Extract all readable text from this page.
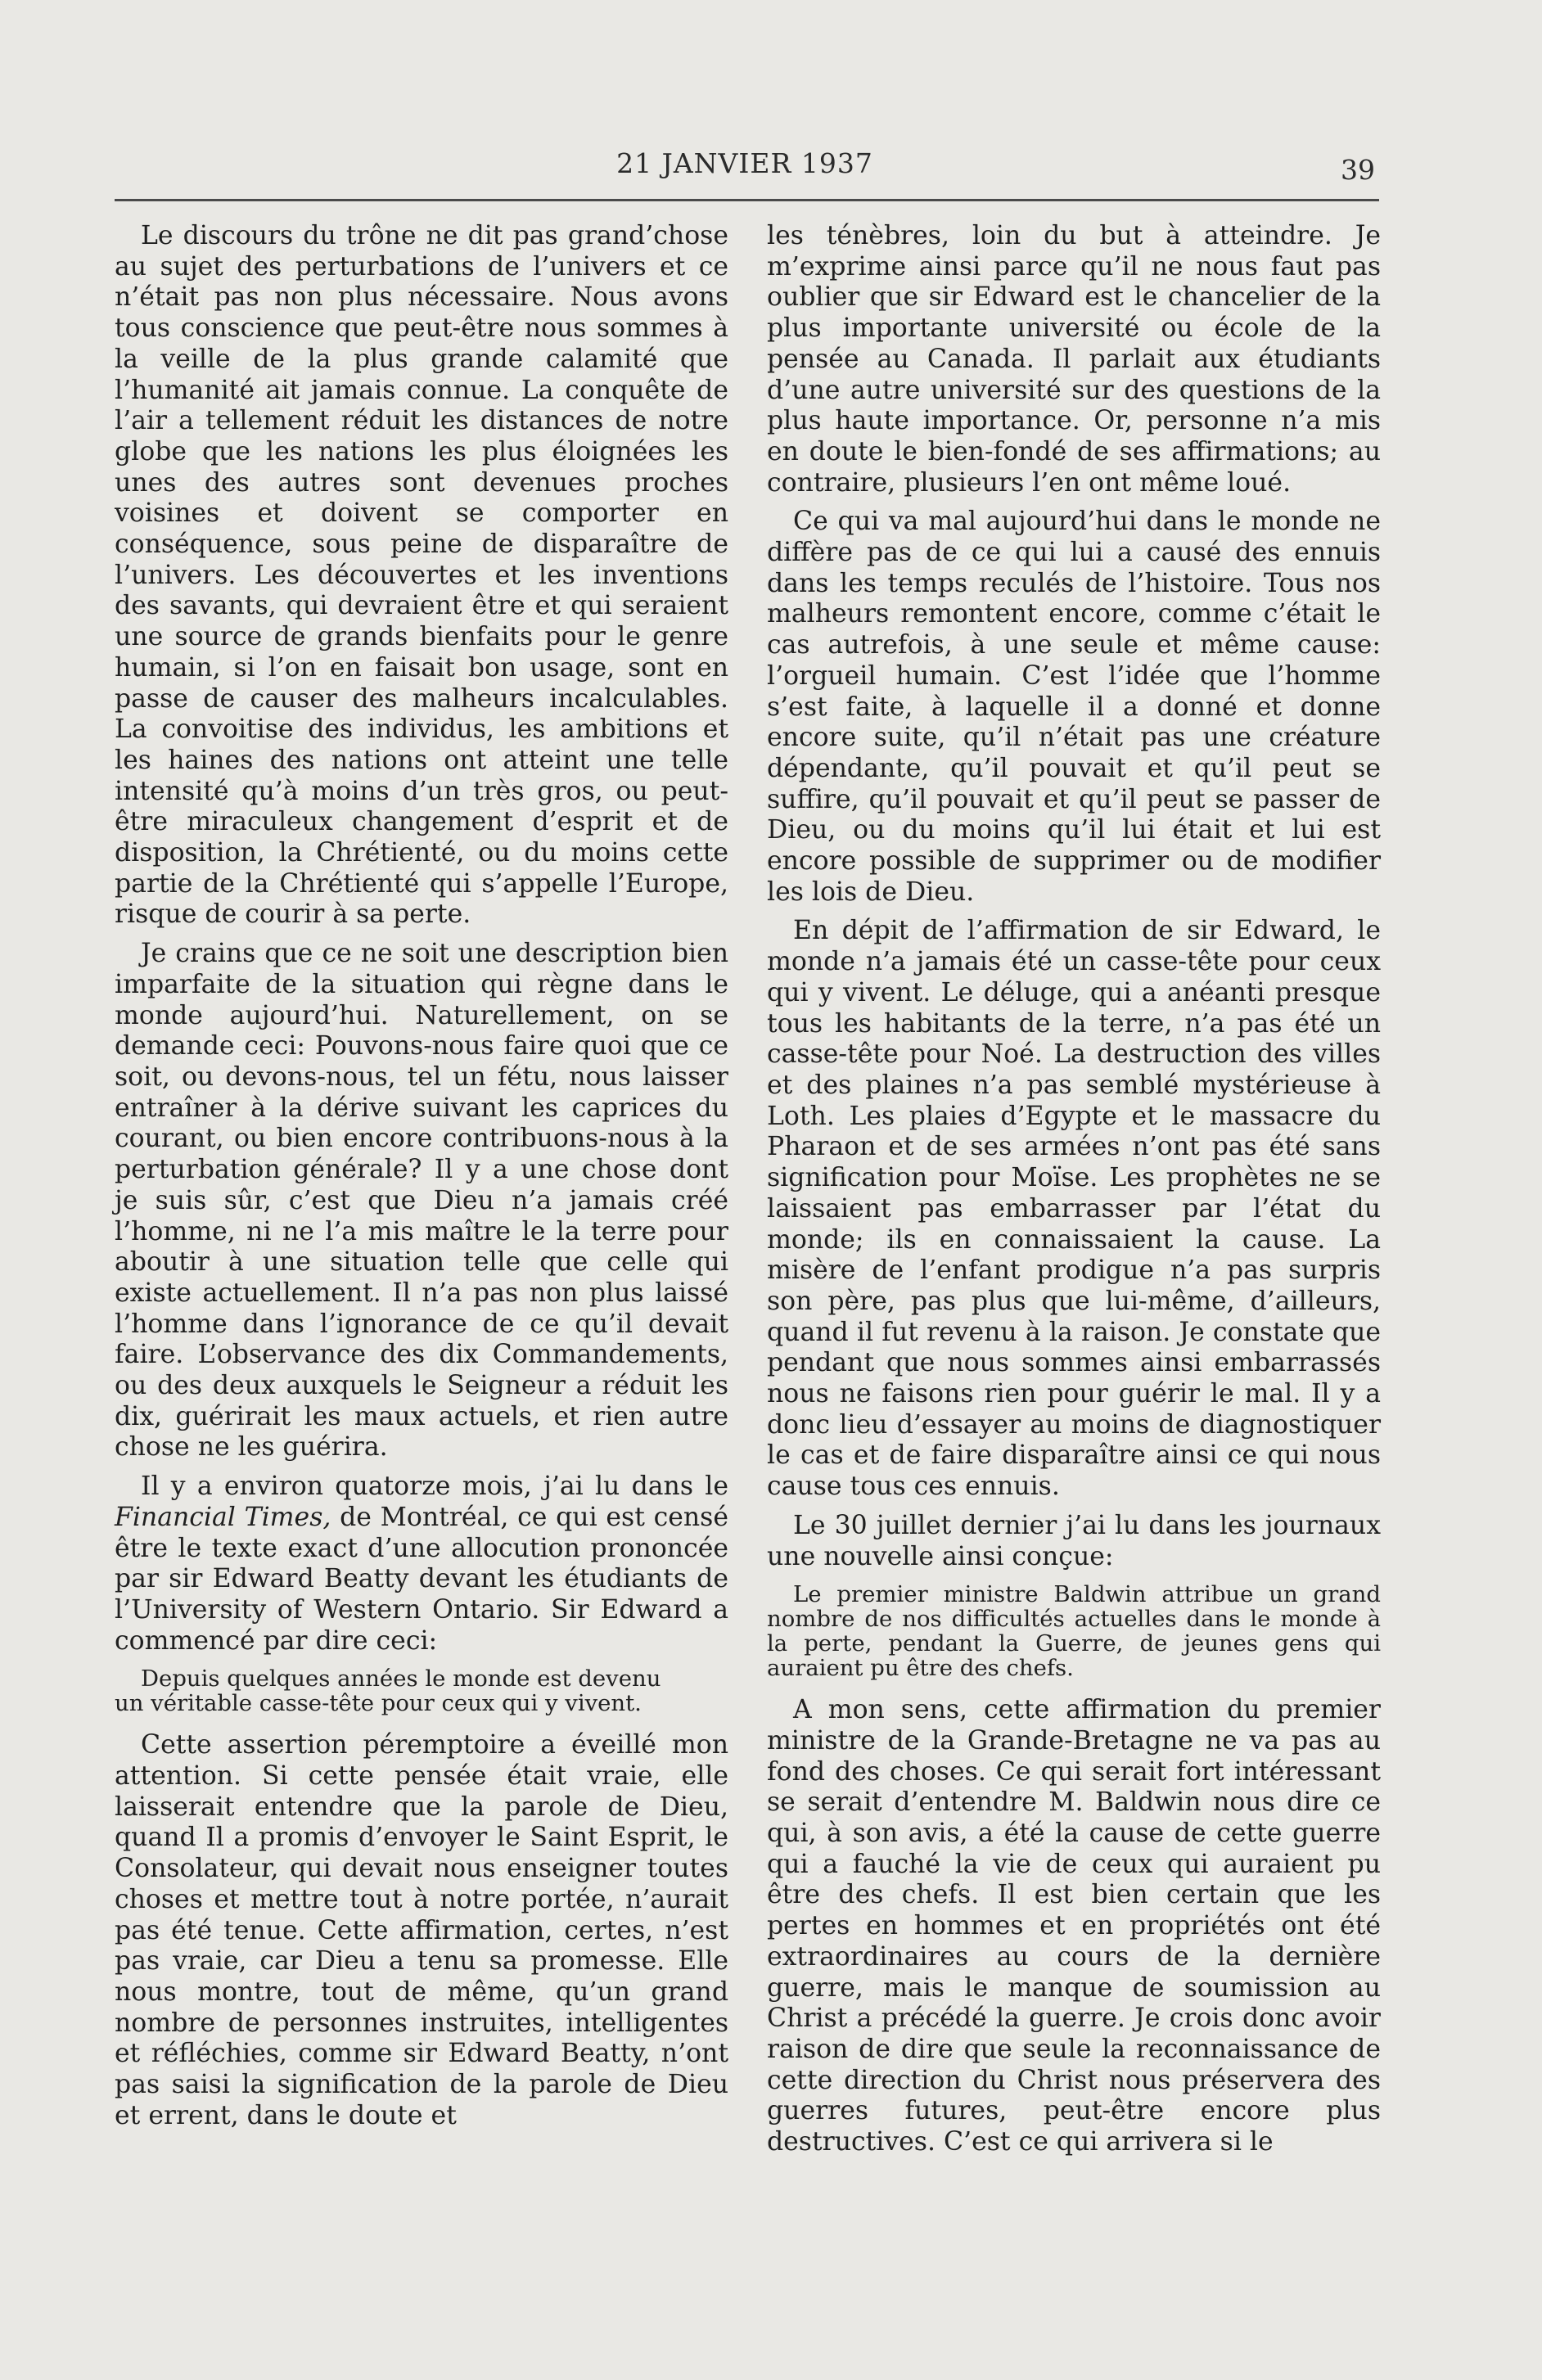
21 JANVIER 1937	39

Le discours du trône ne dit pas grand’chose au sujet des perturbations de l’univers et ce n’était pas non plus nécessaire. Nous avons tous conscience que peut-être nous sommes à la veille de la plus grande calamité que l’humanité ait jamais connue. La conquête de l’air a tellement réduit les distances de notre globe que les nations les plus éloignées les unes des autres sont devenues proches voisines et doivent se comporter en conséquence, sous peine de disparaître de l’univers. Les découvertes et les inventions des savants, qui devraient être et qui seraient une source de grands bienfaits pour le genre humain, si l’on en faisait bon usage, sont en passe de causer des malheurs incalculables. La convoitise des individus, les ambitions et les haines des nations ont atteint une telle intensité qu’à moins d’un très gros, ou peut-être miraculeux changement d’esprit et de disposition, la Chrétienté, ou du moins cette partie de la Chrétienté qui s’appelle l’Europe, risque de courir à sa perte.

Je crains que ce ne soit une description bien imparfaite de la situation qui règne dans le monde aujourd’hui. Naturellement, on se demande ceci: Pouvons-nous faire quoi que ce soit, ou devons-nous, tel un fétu, nous laisser entraîner à la dérive suivant les caprices du courant, ou bien encore contribuons-nous à la perturbation générale? Il y a une chose dont je suis sûr, c’est que Dieu n’a jamais créé l’homme, ni ne l’a mis maître le la terre pour aboutir à une situation telle que celle qui existe actuellement. Il n’a pas non plus laissé l’homme dans l’ignorance de ce qu’il devait faire. L’observance des dix Commandements, ou des deux auxquels le Seigneur a réduit les dix, guérirait les maux actuels, et rien autre chose ne les guérira.

Il y a environ quatorze mois, j’ai lu dans le Financial Times, de Montréal, ce qui est censé être le texte exact d’une allocution prononcée par sir Edward Beatty devant les étudiants de l’University of Western Ontario. Sir Edward a commencé par dire ceci:

Depuis quelques années le monde est devenu
un véritable casse-tête pour ceux qui y vivent.

Cette assertion péremptoire a éveillé mon attention. Si cette pensée était vraie, elle laisserait entendre que la parole de Dieu, quand Il a promis d’envoyer le Saint Esprit, le Consolateur, qui devait nous enseigner toutes choses et mettre tout à notre portée, n’aurait pas été tenue. Cette affirmation, certes, n’est pas vraie, car Dieu a tenu sa promesse. Elle nous montre, tout de même, qu’un grand nombre de personnes instruites, intelligentes et réfléchies, comme sir Edward Beatty, n’ont pas saisi la signification de la parole de Dieu et errent, dans le doute et

les ténèbres, loin du but à atteindre. Je m’exprime ainsi parce qu’il ne nous faut pas oublier que sir Edward est le chancelier de la plus importante université ou école de la pensée au Canada. Il parlait aux étudiants d’une autre université sur des questions de la plus haute importance. Or, personne n’a mis en doute le bien-fondé de ses affirmations; au contraire, plusieurs l’en ont même loué.

Ce qui va mal aujourd’hui dans le monde ne diffère pas de ce qui lui a causé des ennuis dans les temps reculés de l’histoire. Tous nos malheurs remontent encore, comme c’était le cas autrefois, à une seule et même cause: l’orgueil humain. C’est l’idée que l’homme s’est faite, à laquelle il a donné et donne encore suite, qu’il n’était pas une créature dépendante, qu’il pouvait et qu’il peut se suffire, qu’il pouvait et qu’il peut se passer de Dieu, ou du moins qu’il lui était et lui est encore possible de supprimer ou de modifier les lois de Dieu.

En dépit de l’affirmation de sir Edward, le monde n’a jamais été un casse-tête pour ceux qui y vivent. Le déluge, qui a anéanti presque tous les habitants de la terre, n’a pas été un casse-tête pour Noé. La destruction des villes et des plaines n’a pas semblé mystérieuse à Loth. Les plaies d’Egypte et le massacre du Pharaon et de ses armées n’ont pas été sans signification pour Moïse. Les prophètes ne se laissaient pas embarrasser par l’état du monde; ils en connaissaient la cause. La misère de l’enfant prodigue n’a pas surpris son père, pas plus que lui-même, d’ailleurs, quand il fut revenu à la raison. Je constate que pendant que nous sommes ainsi embarrassés nous ne faisons rien pour guérir le mal. Il y a donc lieu d’essayer au moins de diagnostiquer le cas et de faire disparaître ainsi ce qui nous cause tous ces ennuis.

Le 30 juillet dernier j’ai lu dans les journaux une nouvelle ainsi conçue:

Le premier ministre Baldwin attribue un grand nombre de nos difficultés actuelles dans le monde à la perte, pendant la Guerre, de jeunes gens qui auraient pu être des chefs.

A mon sens, cette affirmation du premier ministre de la Grande-Bretagne ne va pas au fond des choses. Ce qui serait fort intéressant se serait d’entendre M. Baldwin nous dire ce qui, à son avis, a été la cause de cette guerre qui a fauché la vie de ceux qui auraient pu être des chefs. Il est bien certain que les pertes en hommes et en propriétés ont été extraordinaires au cours de la dernière guerre, mais le manque de soumission au Christ a précédé la guerre. Je crois donc avoir raison de dire que seule la reconnaissance de cette direction du Christ nous préservera des guerres futures, peut-être encore plus destructives. C’est ce qui arrivera si le
